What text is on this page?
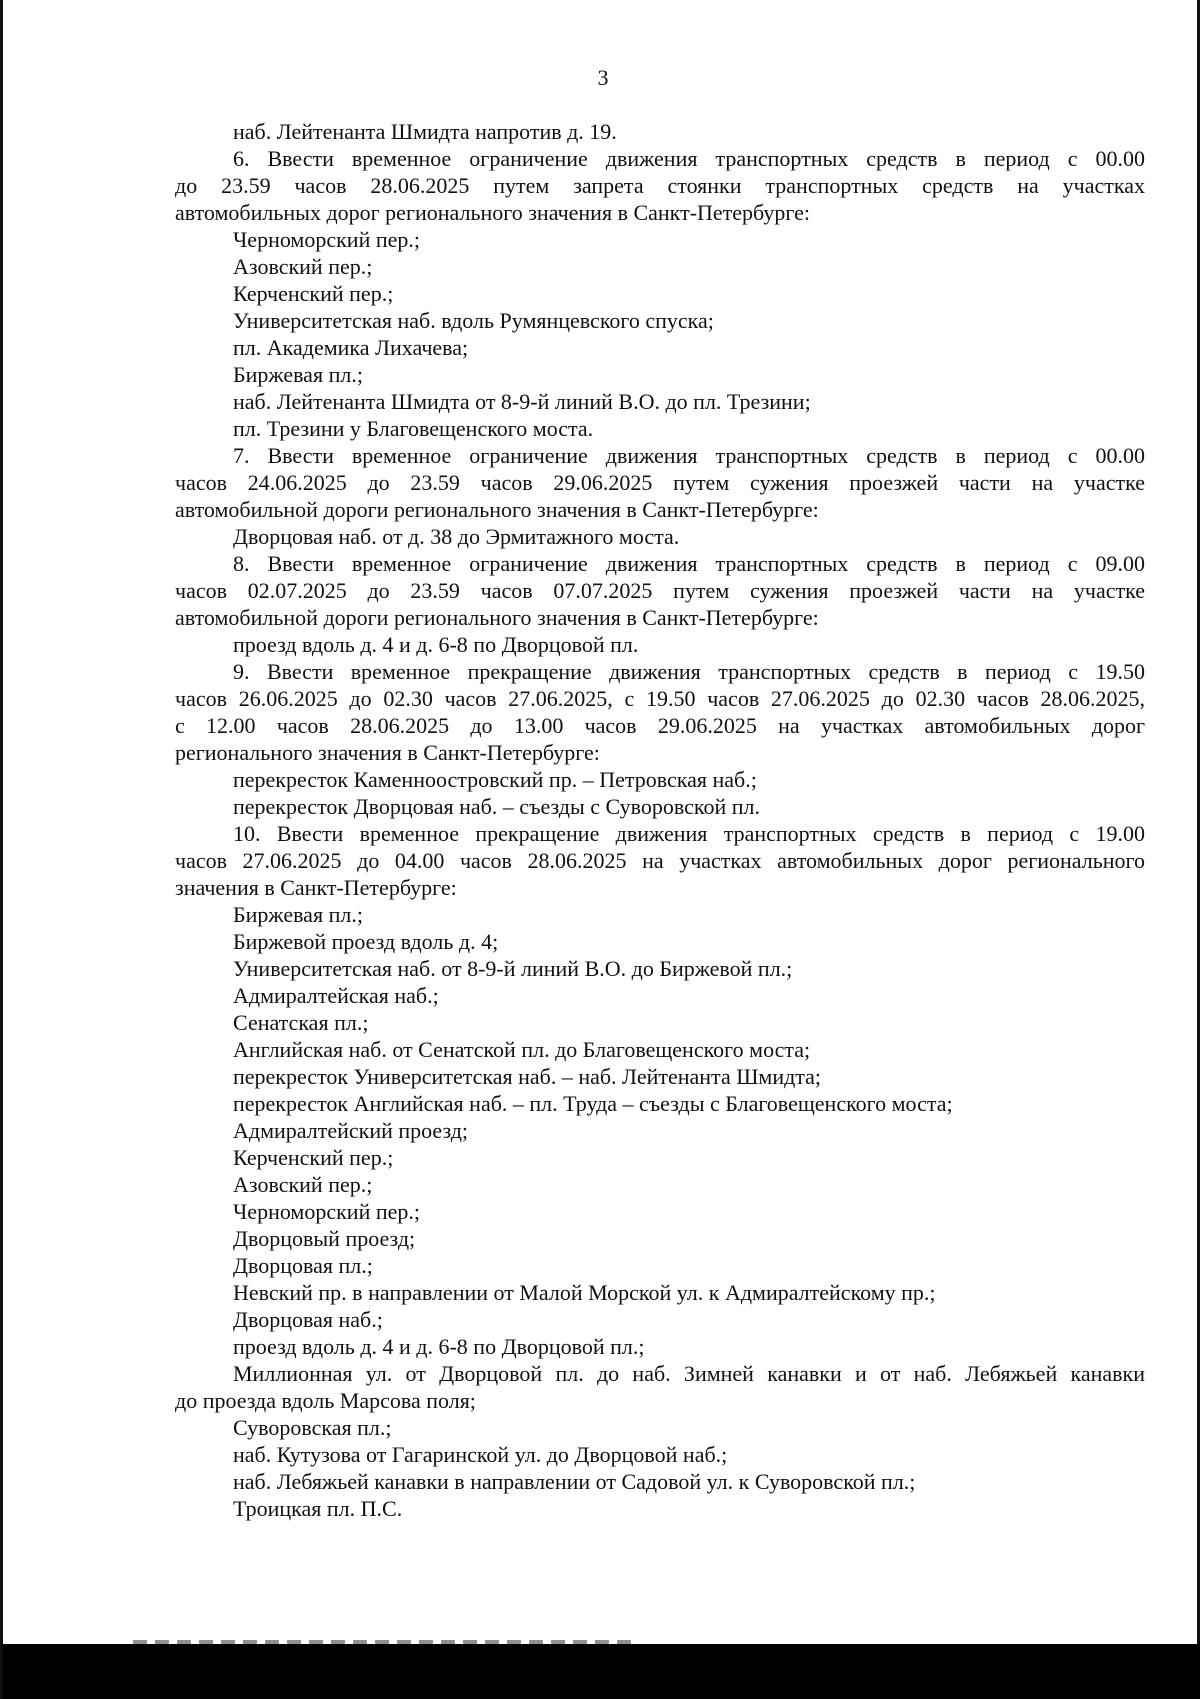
3
наб. Лейтенанта Шмидта напротив д. 19.
6. Ввести временное ограничение движения транспортных средств в период с 00.00
до 23.59 часов 28.06.2025 путем запрета стоянки транспортных средств на участках
автомобильных дорог регионального значения в Санкт-Петербурге:
Черноморский пер.;
Азовский пер.;
Керченский пер.;
Университетская наб. вдоль Румянцевского спуска;
пл. Академика Лихачева;
Биржевая пл.;
наб. Лейтенанта Шмидта от 8-9-й линий В.О. до пл. Трезини;
пл. Трезини у Благовещенского моста.
7. Ввести временное ограничение движения транспортных средств в период с 00.00
часов 24.06.2025 до 23.59 часов 29.06.2025 путем сужения проезжей части на участке
автомобильной дороги регионального значения в Санкт-Петербурге:
Дворцовая наб. от д. 38 до Эрмитажного моста.
8. Ввести временное ограничение движения транспортных средств в период с 09.00
часов 02.07.2025 до 23.59 часов 07.07.2025 путем сужения проезжей части на участке
автомобильной дороги регионального значения в Санкт-Петербурге:
проезд вдоль д. 4 и д. 6-8 по Дворцовой пл.
9. Ввести временное прекращение движения транспортных средств в период с 19.50
часов 26.06.2025 до 02.30 часов 27.06.2025, с 19.50 часов 27.06.2025 до 02.30 часов 28.06.2025,
с 12.00 часов 28.06.2025 до 13.00 часов 29.06.2025 на участках автомобильных дорог
регионального значения в Санкт-Петербурге:
перекресток Каменноостровский пр. – Петровская наб.;
перекресток Дворцовая наб. – съезды с Суворовской пл.
10. Ввести временное прекращение движения транспортных средств в период с 19.00
часов 27.06.2025 до 04.00 часов 28.06.2025 на участках автомобильных дорог регионального
значения в Санкт-Петербурге:
Биржевая пл.;
Биржевой проезд вдоль д. 4;
Университетская наб. от 8-9-й линий В.О. до Биржевой пл.;
Адмиралтейская наб.;
Сенатская пл.;
Английская наб. от Сенатской пл. до Благовещенского моста;
перекресток Университетская наб. – наб. Лейтенанта Шмидта;
перекресток Английская наб. – пл. Труда – съезды с Благовещенского моста;
Адмиралтейский проезд;
Керченский пер.;
Азовский пер.;
Черноморский пер.;
Дворцовый проезд;
Дворцовая пл.;
Невский пр. в направлении от Малой Морской ул. к Адмиралтейскому пр.;
Дворцовая наб.;
проезд вдоль д. 4 и д. 6-8 по Дворцовой пл.;
Миллионная ул. от Дворцовой пл. до наб. Зимней канавки и от наб. Лебяжьей канавки
до проезда вдоль Марсова поля;
Суворовская пл.;
наб. Кутузова от Гагаринской ул. до Дворцовой наб.;
наб. Лебяжьей канавки в направлении от Садовой ул. к Суворовской пл.;
Троицкая пл. П.С.
